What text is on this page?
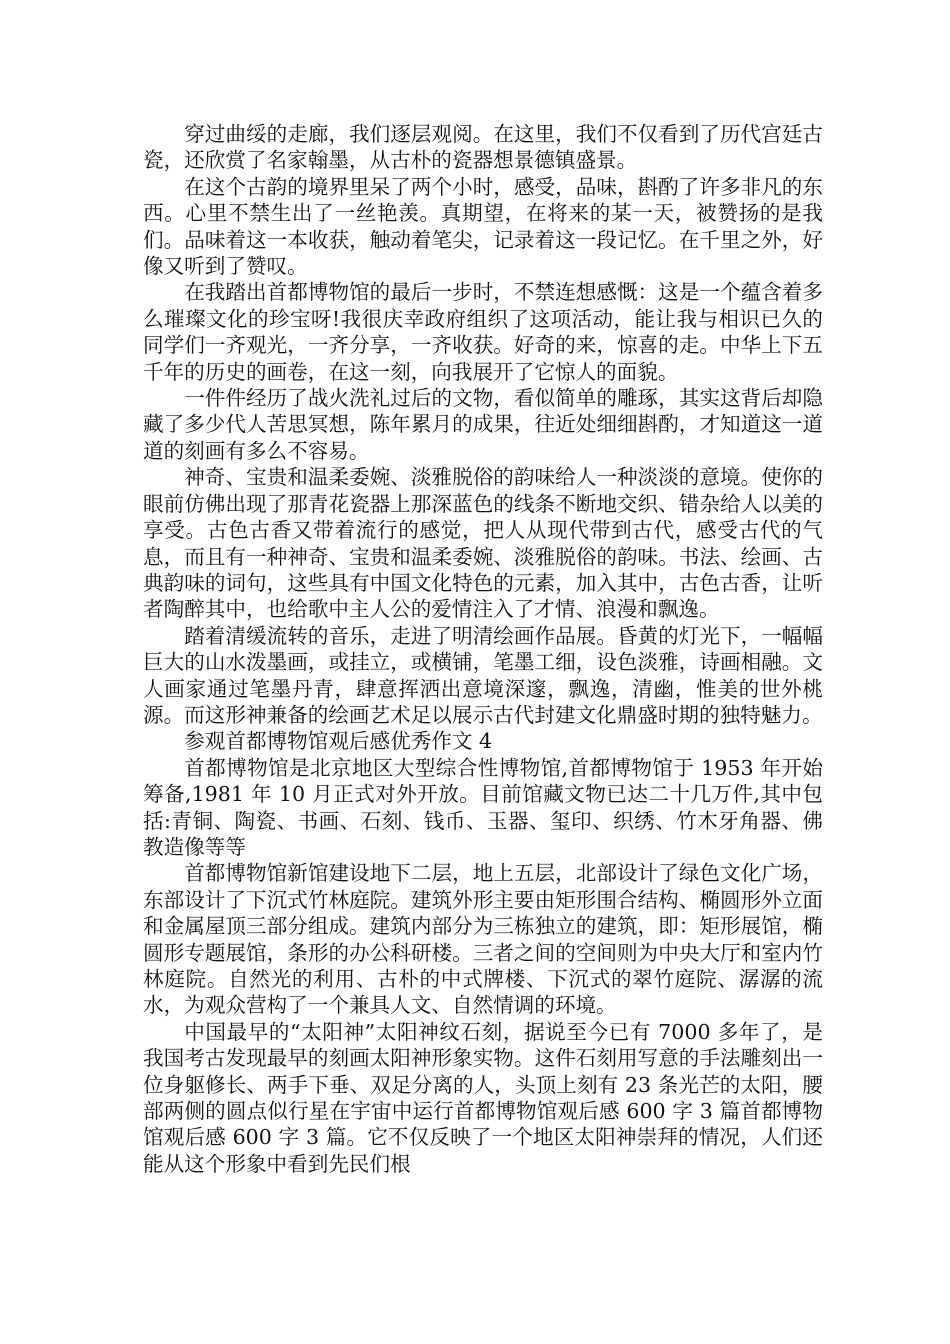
穿过曲绥的走廊，我们逐层观阅。在这里，我们不仅看到了历代宫廷古瓷，还欣赏了名家翰墨，从古朴的瓷器想景德镇盛景。

在这个古韵的境界里呆了两个小时，感受，品味，斟酌了许多非凡的东西。心里不禁生出了一丝艳羡。真期望，在将来的某一天，被赞扬的是我们。品味着这一本收获，触动着笔尖，记录着这一段记忆。在千里之外，好像又听到了赞叹。

在我踏出首都博物馆的最后一步时，不禁连想感慨：这是一个蕴含着多么璀璨文化的珍宝呀!我很庆幸政府组织了这项活动，能让我与相识已久的同学们一齐观光，一齐分享，一齐收获。好奇的来，惊喜的走。中华上下五千年的历史的画卷，在这一刻，向我展开了它惊人的面貌。

一件件经历了战火洗礼过后的文物，看似简单的雕琢，其实这背后却隐藏了多少代人苦思冥想，陈年累月的成果，往近处细细斟酌，才知道这一道道的刻画有多么不容易。

神奇、宝贵和温柔委婉、淡雅脱俗的韵味给人一种淡淡的意境。使你的眼前仿佛出现了那青花瓷器上那深蓝色的线条不断地交织、错杂给人以美的享受。古色古香又带着流行的感觉，把人从现代带到古代，感受古代的气息，而且有一种神奇、宝贵和温柔委婉、淡雅脱俗的韵味。书法、绘画、古典韵味的词句，这些具有中国文化特色的元素，加入其中，古色古香，让听者陶醉其中，也给歌中主人公的爱情注入了才情、浪漫和飘逸。

踏着清缓流转的音乐，走进了明清绘画作品展。昏黄的灯光下，一幅幅巨大的山水泼墨画，或挂立，或横铺，笔墨工细，设色淡雅，诗画相融。文人画家通过笔墨丹青，肆意挥洒出意境深邃，飘逸，清幽，惟美的世外桃源。而这形神兼备的绘画艺术足以展示古代封建文化鼎盛时期的独特魅力。

参观首都博物馆观后感优秀作文 4

首都博物馆是北京地区大型综合性博物馆,首都博物馆于 1953 年开始筹备,1981 年 10 月正式对外开放。目前馆藏文物已达二十几万件,其中包括:青铜、陶瓷、书画、石刻、钱币、玉器、玺印、织绣、竹木牙角器、佛教造像等等

首都博物馆新馆建设地下二层，地上五层，北部设计了绿色文化广场，东部设计了下沉式竹林庭院。建筑外形主要由矩形围合结构、椭圆形外立面和金属屋顶三部分组成。建筑内部分为三栋独立的建筑，即：矩形展馆，椭圆形专题展馆，条形的办公科研楼。三者之间的空间则为中央大厅和室内竹林庭院。自然光的利用、古朴的中式牌楼、下沉式的翠竹庭院、潺潺的流水，为观众营构了一个兼具人文、自然情调的环境。

中国最早的“太阳神”太阳神纹石刻，据说至今已有 7000 多年了，是我国考古发现最早的刻画太阳神形象实物。这件石刻用写意的手法雕刻出一位身躯修长、两手下垂、双足分离的人，头顶上刻有 23 条光芒的太阳，腰部两侧的圆点似行星在宇宙中运行首都博物馆观后感 600 字 3 篇首都博物馆观后感 600 字 3 篇。它不仅反映了一个地区太阳神崇拜的情况，人们还能从这个形象中看到先民们根
